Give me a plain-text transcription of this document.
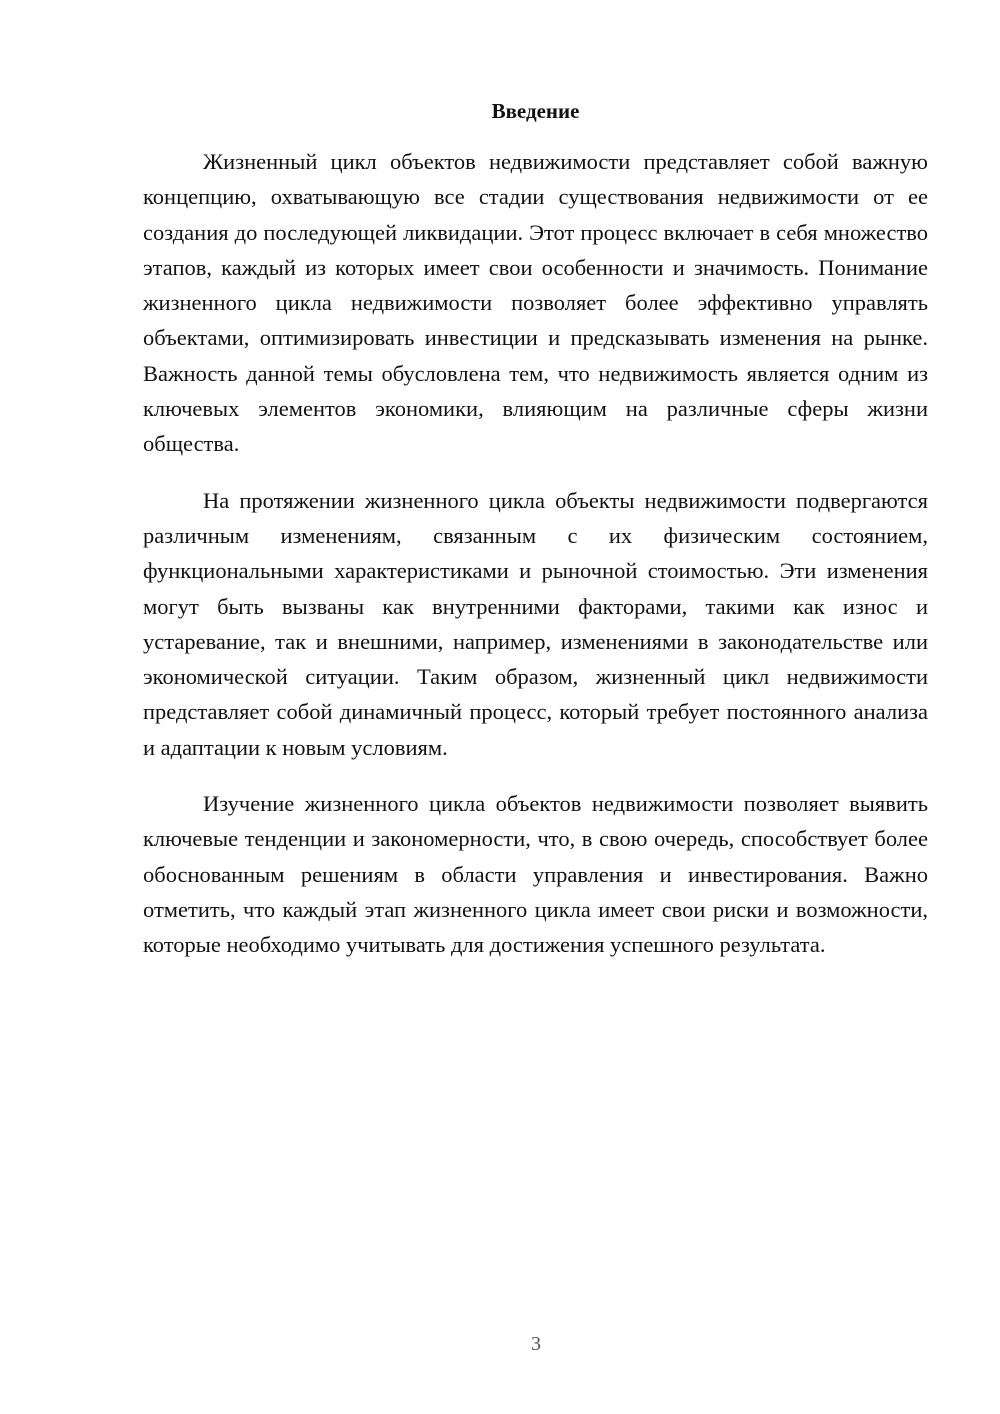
Введение

Жизненный цикл объектов недвижимости представляет собой важную концепцию, охватывающую все стадии существования недвижимости от ее создания до последующей ликвидации. Этот процесс включает в себя множество этапов, каждый из которых имеет свои особенности и значимость. Понимание жизненного цикла недвижимости позволяет более эффективно управлять объектами, оптимизировать инвестиции и предсказывать изменения на рынке. Важность данной темы обусловлена тем, что недвижимость является одним из ключевых элементов экономики, влияющим на различные сферы жизни общества.

На протяжении жизненного цикла объекты недвижимости подвергаются различным изменениям, связанным с их физическим состоянием, функциональными характеристиками и рыночной стоимостью. Эти изменения могут быть вызваны как внутренними факторами, такими как износ и устаревание, так и внешними, например, изменениями в законодательстве или экономической ситуации. Таким образом, жизненный цикл недвижимости представляет собой динамичный процесс, который требует постоянного анализа и адаптации к новым условиям.

Изучение жизненного цикла объектов недвижимости позволяет выявить ключевые тенденции и закономерности, что, в свою очередь, способствует более обоснованным решениям в области управления и инвестирования. Важно отметить, что каждый этап жизненного цикла имеет свои риски и возможности, которые необходимо учитывать для достижения успешного результата.

3
